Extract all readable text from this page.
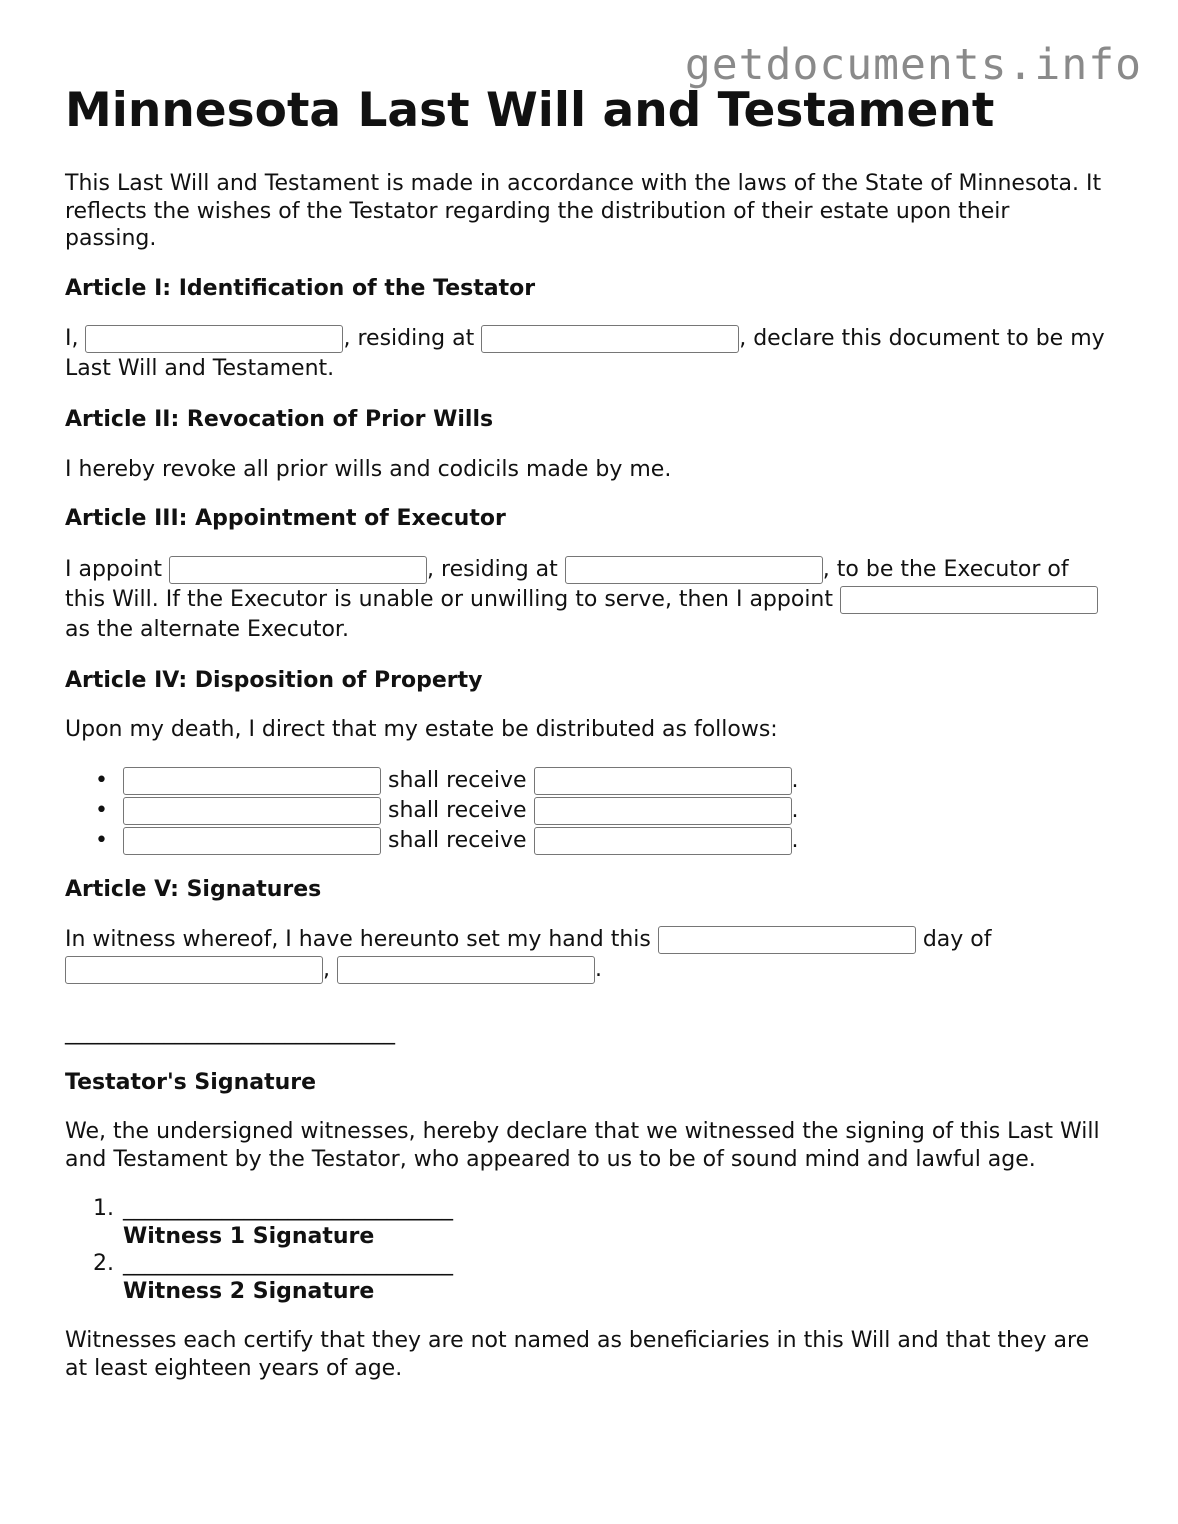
getdocuments.info
Minnesota Last Will and Testament

This Last Will and Testament is made in accordance with the laws of the State of Minnesota. It reflects the wishes of the Testator regarding the distribution of their estate upon their passing.

Article I: Identification of the Testator

I,	, residing at	, declare this document to be my Last Will and Testament.

Article II: Revocation of Prior Wills

I hereby revoke all prior wills and codicils made by me.

Article III: Appointment of Executor

I appoint	, residing at	, to be the Executor of this Will. If the Executor is unable or unwilling to serve, then I appoint  as the alternate Executor.

Article IV: Disposition of Property

Upon my death, I direct that my estate be distributed as follows:

•	shall receive	.
•	shall receive	.
•	shall receive	.
Article V: Signatures

In witness whereof, I have hereunto set my hand this	day of ,	.

______________________________
Testator's Signature

We, the undersigned witnesses, hereby declare that we witnessed the signing of this Last Will and Testament by the Testator, who appeared to us to be of sound mind and lawful age.

1. ______________________________
Witness 1 Signature
2. ______________________________
Witness 2 Signature

Witnesses each certify that they are not named as beneficiaries in this Will and that they are at least eighteen years of age.
